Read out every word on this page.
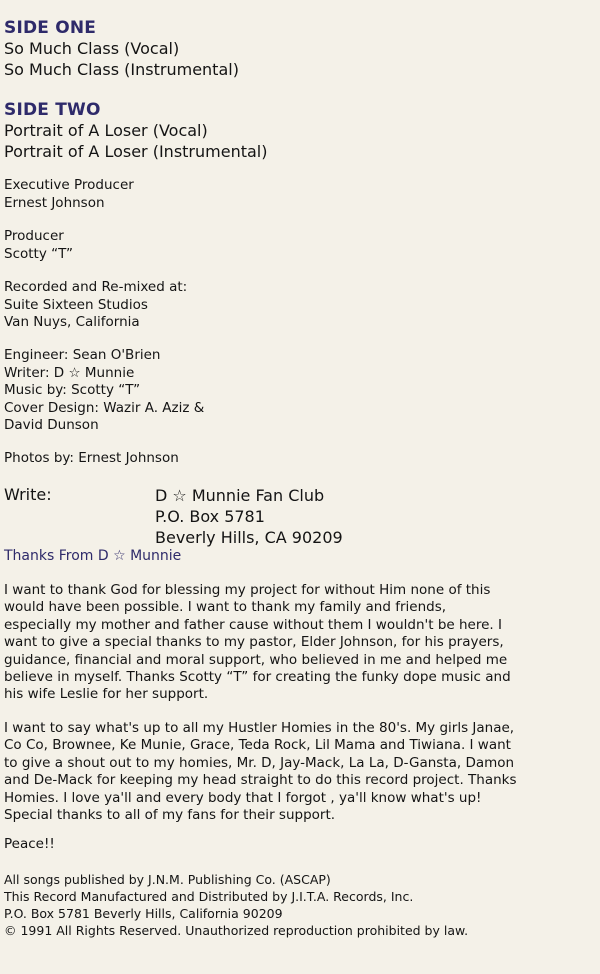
SIDE ONE
So Much Class (Vocal)
So Much Class (Instrumental)
SIDE TWO
Portrait of A Loser (Vocal)
Portrait of A Loser (Instrumental)
Executive Producer
Ernest Johnson
Producer
Scotty “T”
Recorded and Re-mixed at:
Suite Sixteen Studios
Van Nuys, California
Engineer: Sean O'Brien
Writer: D ☆ Munnie
Music by: Scotty “T”
Cover Design: Wazir A. Aziz &
David Dunson
Photos by: Ernest Johnson
Write:	D ☆ Munnie Fan Club
P.O. Box 5781
Beverly Hills, CA 90209
Thanks From D ☆ Munnie
I want to thank God for blessing my project for without Him none of this
would have been possible. I want to thank my family and friends,
especially my mother and father cause without them I wouldn't be here. I
want to give a special thanks to my pastor, Elder Johnson, for his prayers,
guidance, financial and moral support, who believed in me and helped me
believe in myself. Thanks Scotty “T” for creating the funky dope music and
his wife Leslie for her support.
I want to say what's up to all my Hustler Homies in the 80's. My girls Janae,
Co Co, Brownee, Ke Munie, Grace, Teda Rock, Lil Mama and Tiwiana. I want
to give a shout out to my homies, Mr. D, Jay-Mack, La La, D-Gansta, Damon
and De-Mack for keeping my head straight to do this record project. Thanks
Homies. I love ya'll and every body that I forgot , ya'll know what's up!
Special thanks to all of my fans for their support.
Peace!!
All songs published by J.N.M. Publishing Co. (ASCAP)
This Record Manufactured and Distributed by J.I.T.A. Records, Inc.
P.O. Box 5781 Beverly Hills, California 90209
© 1991 All Rights Reserved. Unauthorized reproduction prohibited by law.
